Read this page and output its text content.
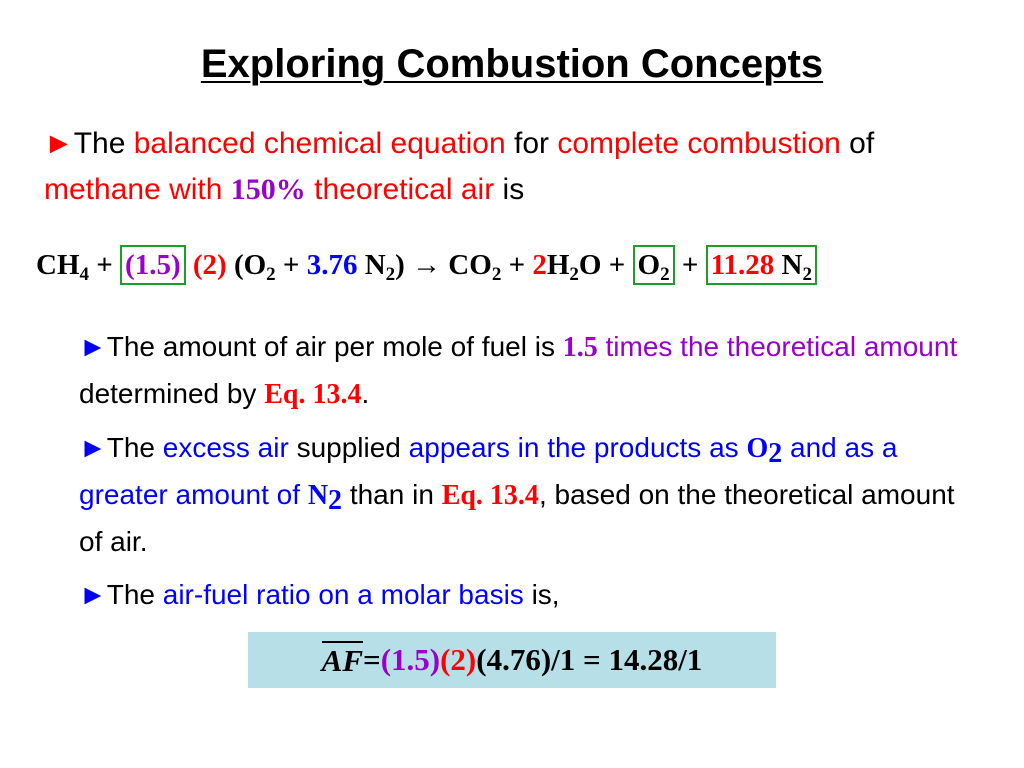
Exploring Combustion Concepts
►The balanced chemical equation for complete combustion of methane with 150% theoretical air is
$CH_4 + (1.5)$ (2) ($O_2 + 3.76$ $N_2) \to CO_2 + 2H_2O + O_2 + 11.28$ $N_2$
►The amount of air per mole of fuel is 1.5 times the theoretical amount determined by Eq. 13.4.
►The excess air supplied appears in the products as $O_2$ and as a greater amount of $N_2$ than in Eq. 13.4, based on the theoretical amount of air.
►The air-fuel ratio on a molar basis is,
AF = (1.5) (2) (4.76)/1 = 14.28/1
